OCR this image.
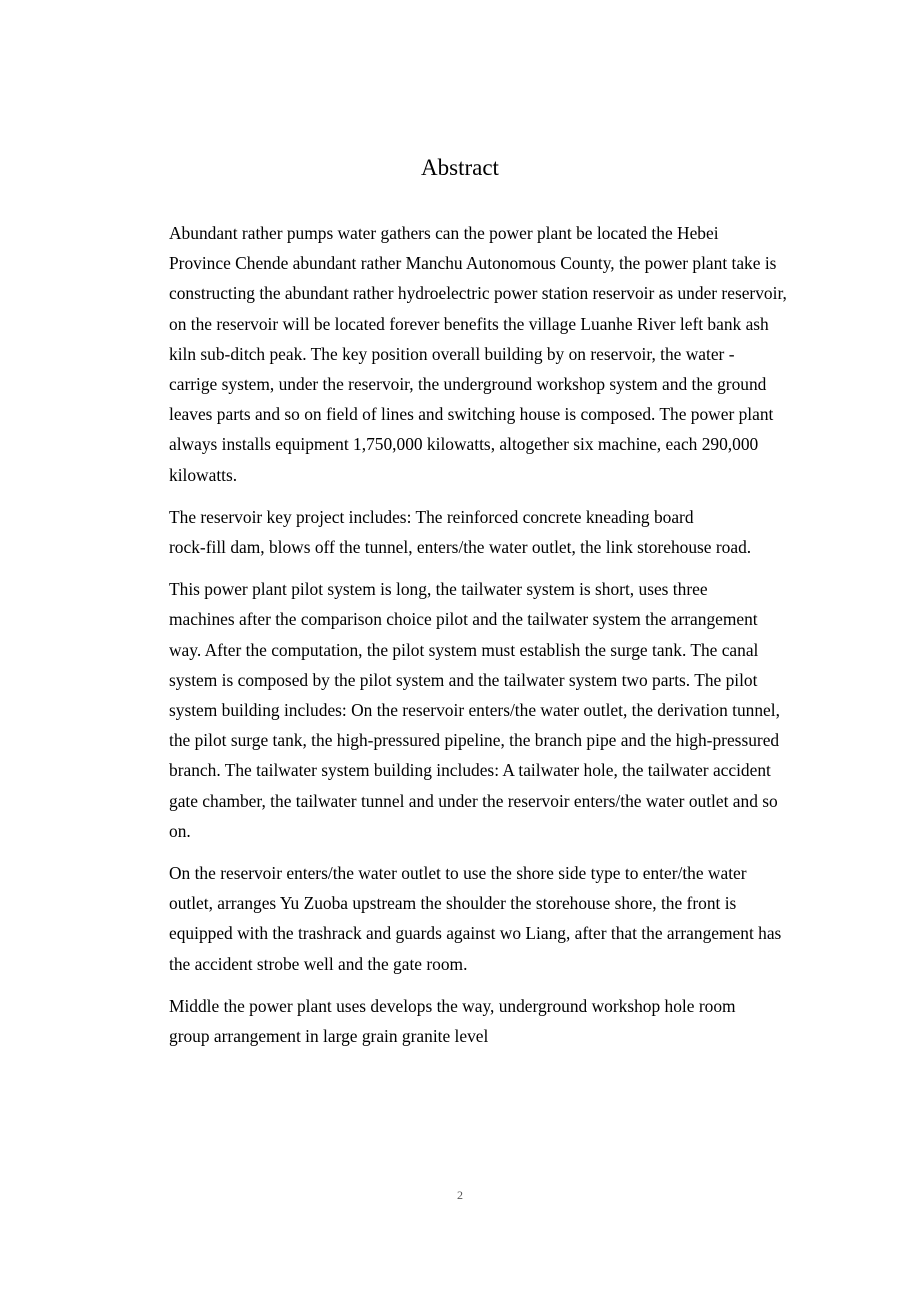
Abstract

Abundant rather pumps water gathers can the power plant be located the Hebei
Province Chende abundant rather Manchu Autonomous County, the power plant take is
constructing the abundant rather hydroelectric power station reservoir as under reservoir,
on the reservoir will be located forever benefits the village Luanhe River left bank ash
kiln sub-ditch peak. The key position overall building by on reservoir, the water -
carrige system, under the reservoir, the underground workshop system and the ground
leaves parts and so on field of lines and switching house is composed. The power plant
always installs equipment 1,750,000 kilowatts, altogether six machine, each 290,000
kilowatts.

The reservoir key project includes: The reinforced concrete kneading board
rock-fill dam, blows off the tunnel, enters/the water outlet, the link storehouse road.

This power plant pilot system is long, the tailwater system is short, uses three
machines after the comparison choice pilot and the tailwater system the arrangement
way. After the computation, the pilot system must establish the surge tank. The canal
system is composed by the pilot system and the tailwater system two parts. The pilot
system building includes: On the reservoir enters/the water outlet, the derivation tunnel,
the pilot surge tank, the high-pressured pipeline, the branch pipe and the high-pressured
branch. The tailwater system building includes: A tailwater hole, the tailwater accident
gate chamber, the tailwater tunnel and under the reservoir enters/the water outlet and so
on.

On the reservoir enters/the water outlet to use the shore side type to enter/the water
outlet, arranges Yu Zuoba upstream the shoulder the storehouse shore, the front is
equipped with the trashrack and guards against wo Liang, after that the arrangement has
the accident strobe well and the gate room.

Middle the power plant uses develops the way, underground workshop hole room
group arrangement in large grain granite level

2
